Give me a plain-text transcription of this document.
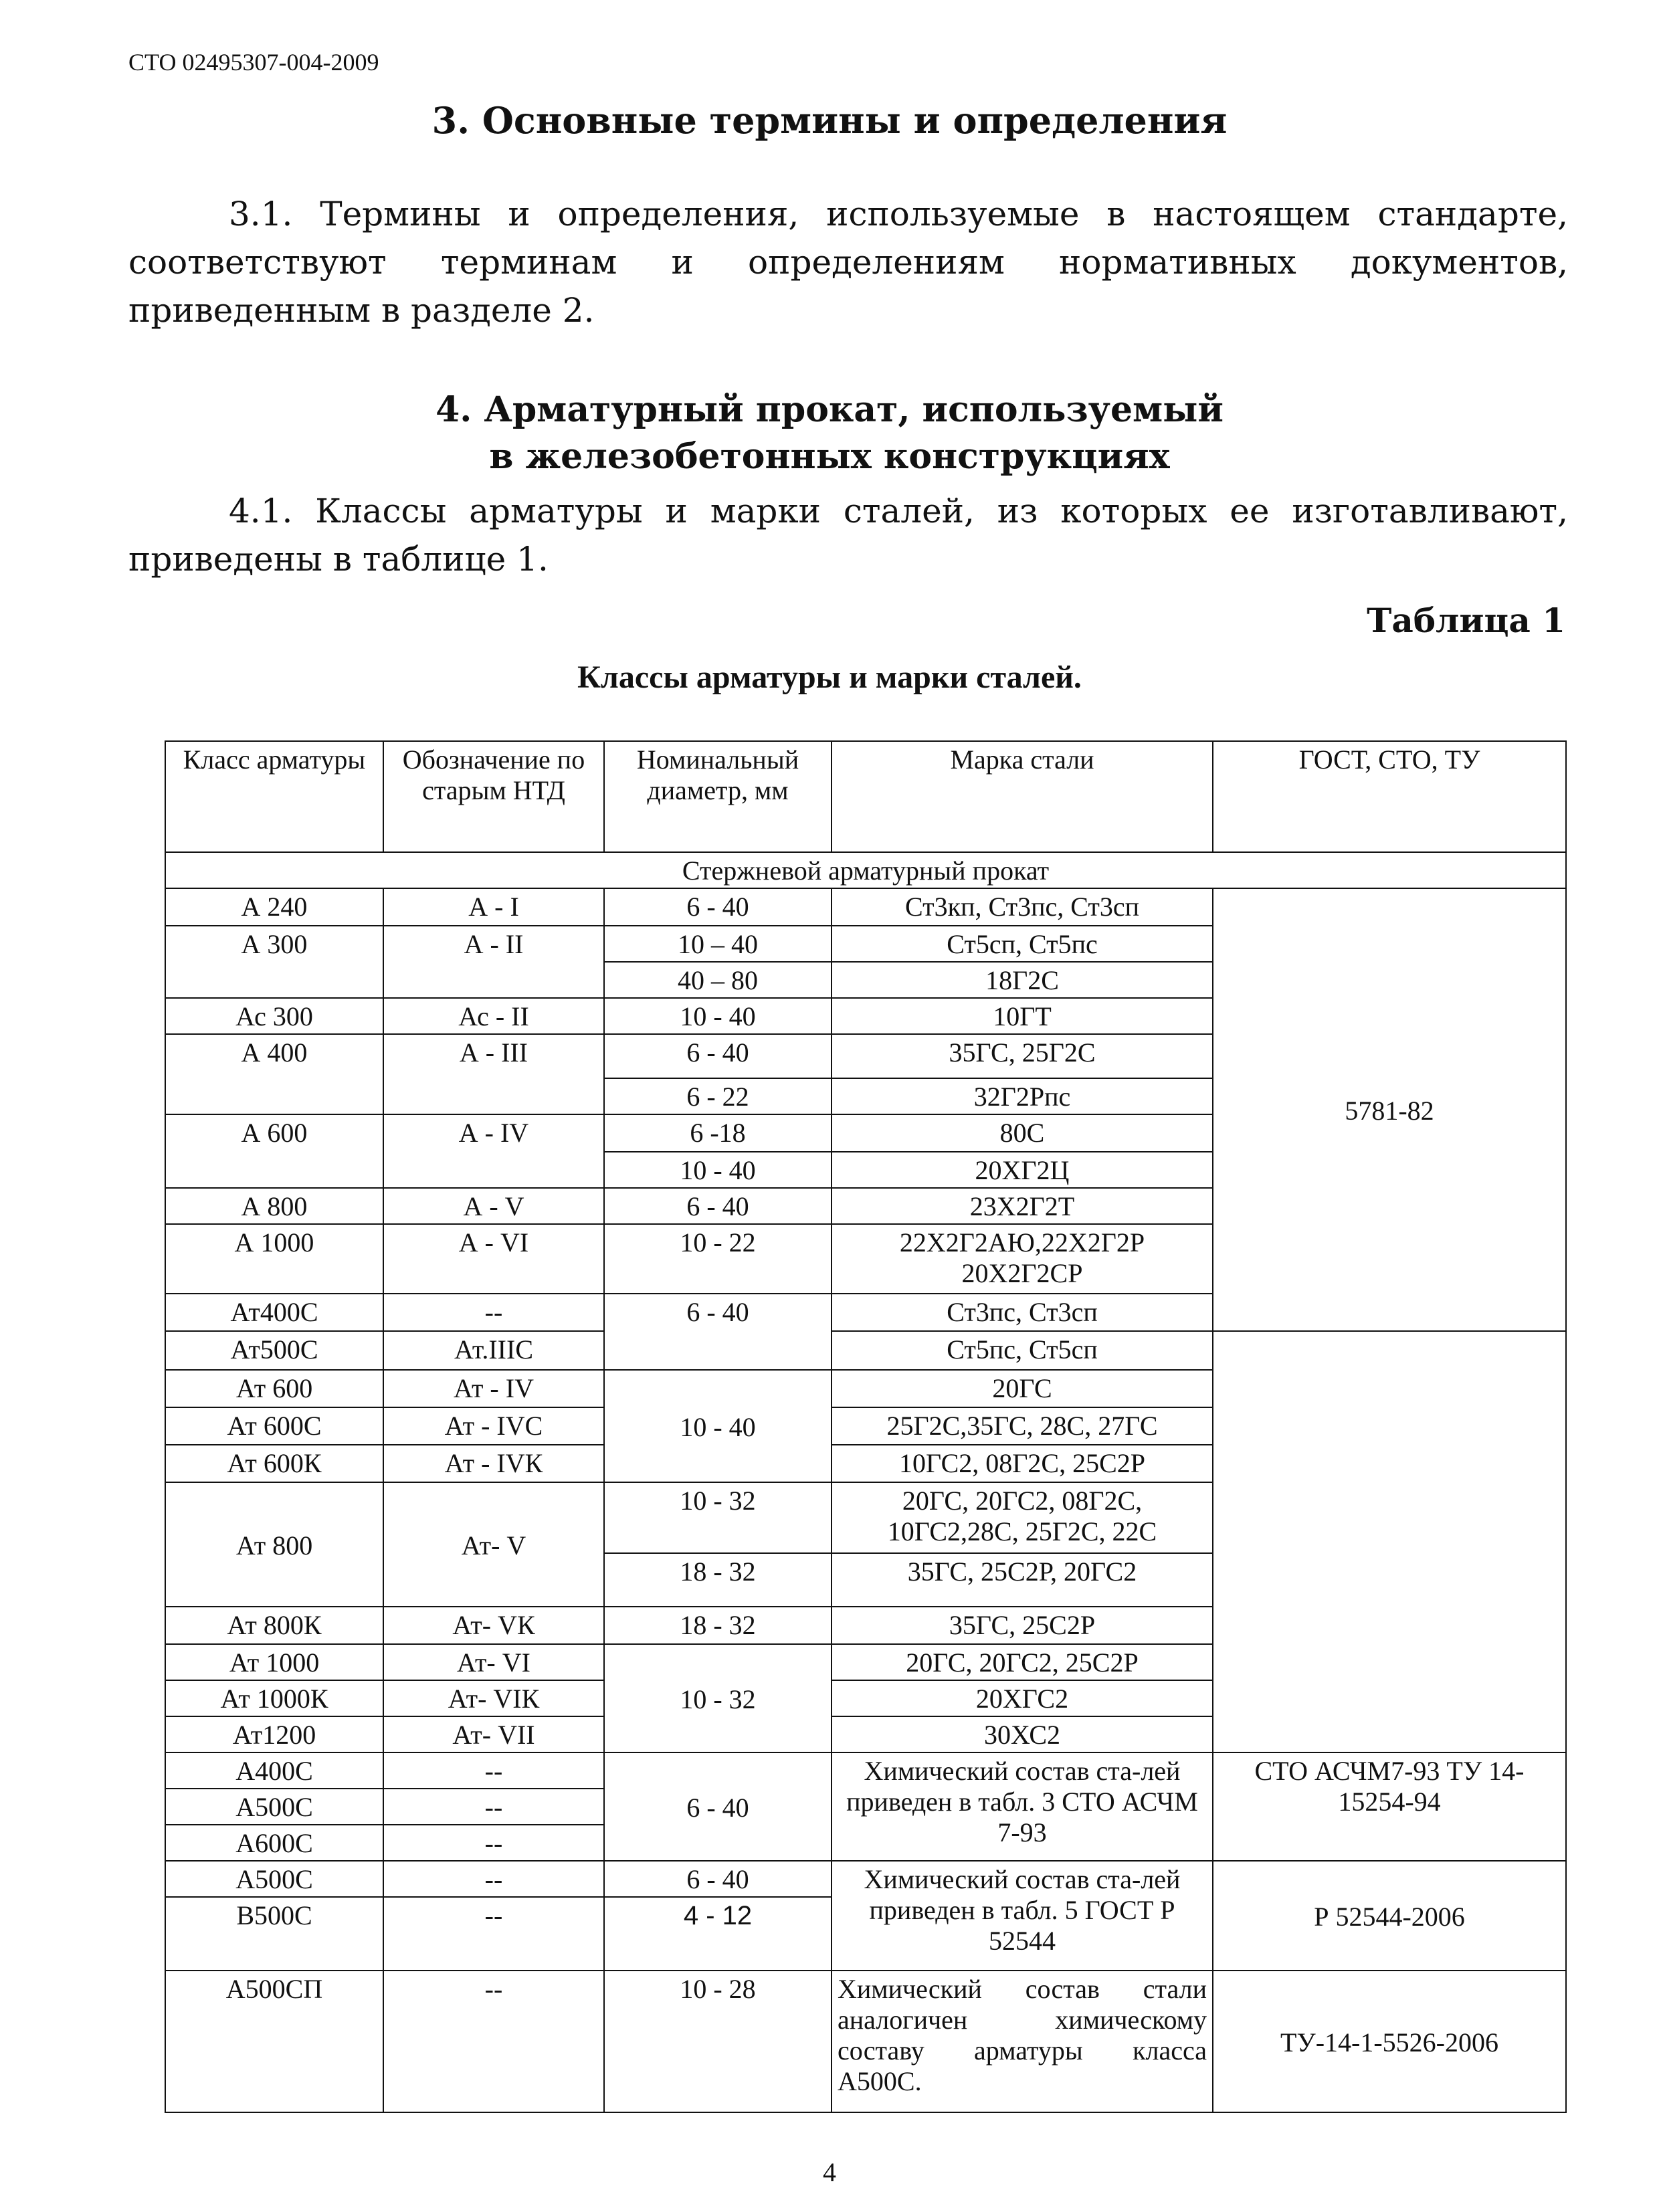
СТО 02495307-004-2009
3. Основные термины и определения
3.1. Термины и определения, используемые в настоящем стандарте, соответствуют терминам и определениям нормативных документов, приведенным в разделе 2.
4. Арматурный прокат, используемый
в железобетонных конструкциях
4.1. Классы арматуры и марки сталей, из которых ее изготавливают, приведены в таблице 1.
Таблица 1
Классы арматуры и марки сталей.
Класс арматуры	Обозначение по старым НТД	Номинальный диаметр, мм	Марка стали	ГОСТ, СТО, ТУ	
Стержневой арматурный прокат					
А 240	А - I	6 - 40	Ст3кп, Ст3пс, Ст3сп	5781-82	
А 300	А - II	10 – 40	Ст5сп, Ст5пс		
		40 – 80	18Г2С		
Ас 300	Ас - II	10 - 40	10ГТ		
А 400	А - III	6 - 40	35ГС, 25Г2С		
		6 - 22	32Г2Рпс		
А 600	А - IV	6 -18	80С		
		10 - 40	20ХГ2Ц		
А 800	А - V	6 - 40	23Х2Г2Т		
А 1000	А - VI	10 - 22	22Х2Г2АЮ,22Х2Г2Р 20Х2Г2СР		
Ат400С	--	6 - 40	Ст3пс, Ст3сп	
Ат500С	Ат.IIIС		Ст5пс, Ст5сп		
Ат 600	Ат - IV	10 - 40	20ГС		
Ат 600С	Ат - IVС		25Г2С,35ГС, 28С, 27ГС		
Ат 600К	Ат - IVК		10ГС2, 08Г2С, 25С2Р		
Ат 800	Ат- V	10 - 32	20ГС, 20ГС2, 08Г2С, 10ГС2,28С, 25Г2С, 22С		
		18 - 32	35ГС, 25С2Р, 20ГС2		
Ат 800К	Ат- VК	18 - 32	35ГС, 25С2Р		
Ат 1000	Ат- VI	10 - 32	20ГС, 20ГС2, 25С2Р		
Ат 1000К	Ат- VIК		20ХГС2		
Ат1200	Ат- VII		30ХС2		
А400С	--	6 - 40	Химический состав ста-лей приведен в табл. 3 СТО АСЧМ 7-93	СТО АСЧМ7-93 ТУ 14-15254-94	
А500С	--				
А600С	--				
А500С	--	6 - 40	Химический состав ста-лей приведен в табл. 5 ГОСТ Р 52544	Р 52544-2006	
В500С	--	4 - 12			
А500СП	--	10 - 28	Химический состав стали аналогичен химическому составу арматуры класса А500С.	ТУ-14-1-5526-2006	
4
